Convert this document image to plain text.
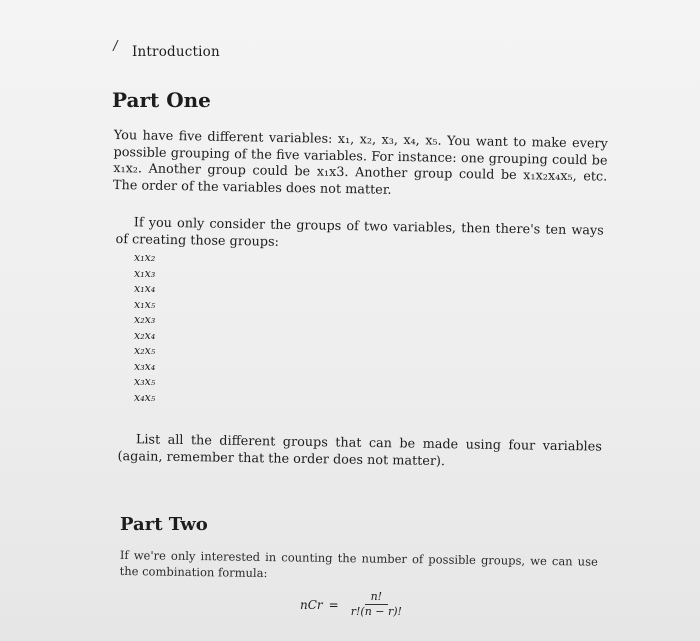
/ Introduction
Part One
You have five different variables: x₁, x₂, x₃, x₄, x₅. You want to make every possible grouping of the five variables. For instance: one grouping could be x₁x₂. Another group could be x₁x3. Another group could be x₁x₂x₄x₅, etc. The order of the variables does not matter.
If you only consider the groups of two variables, then there's ten ways of creating those groups:
x₁x₂
x₁x₃
x₁x₄
x₁x₅
x₂x₃
x₂x₄
x₂x₅
x₃x₄
x₃x₅
x₄x₅
List all the different groups that can be made using four variables (again, remember that the order does not matter).
Part Two
If we're only interested in counting the number of possible groups, we can use the combination formula:
nCr = $\frac{n!}{r!(n - r)!}$
